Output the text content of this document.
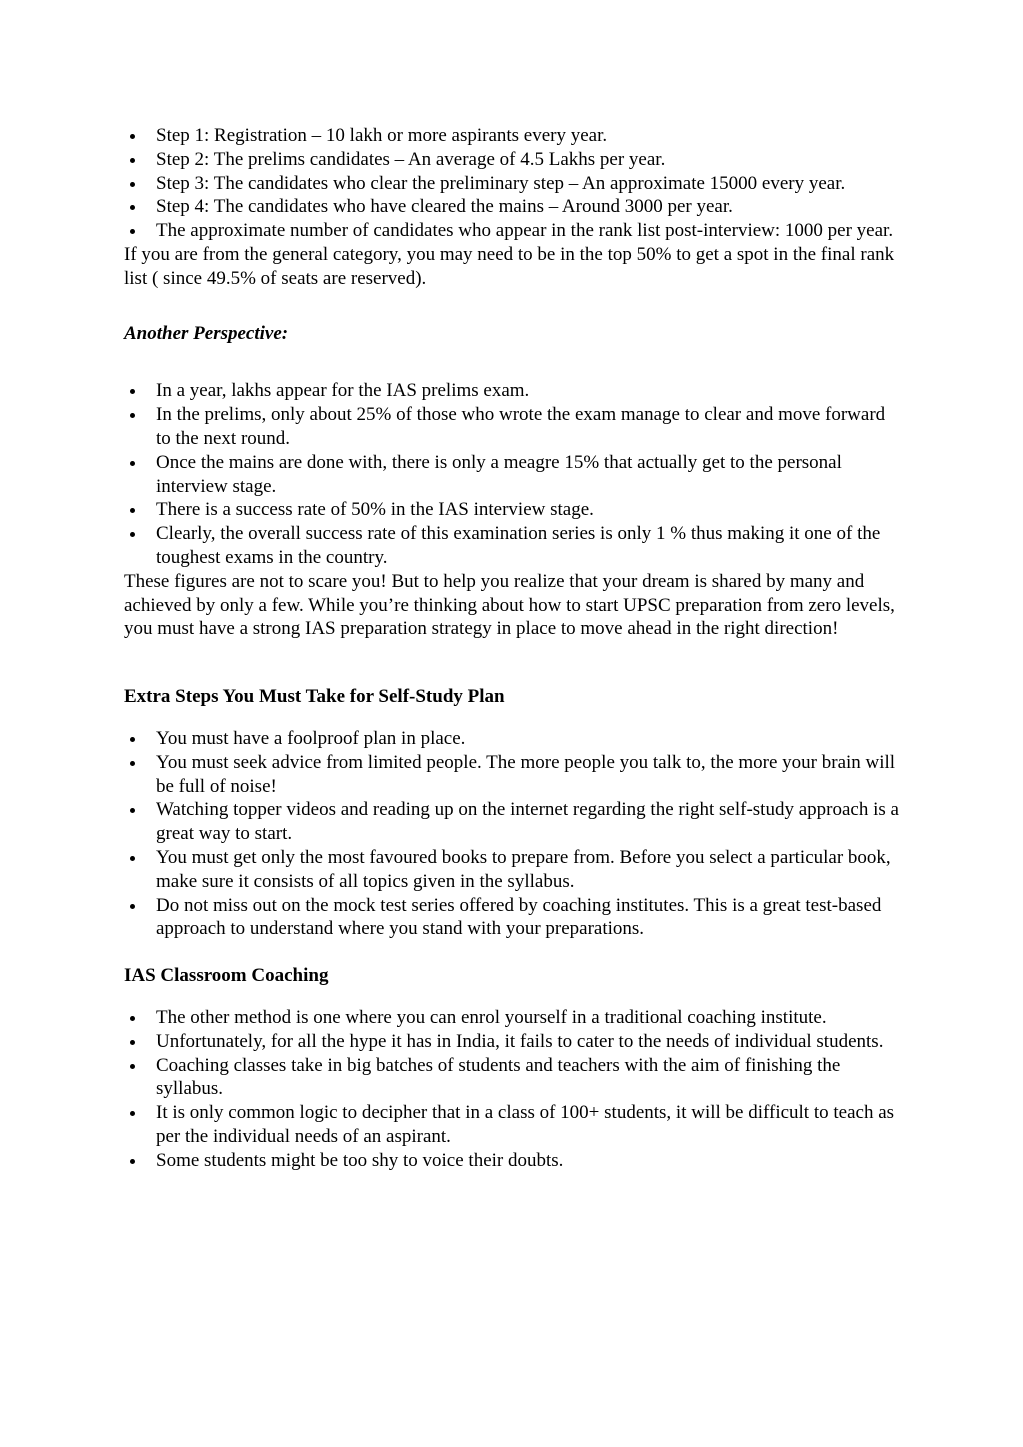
Step 1: Registration – 10 lakh or more aspirants every year.
Step 2: The prelims candidates – An average of 4.5 Lakhs per year.
Step 3: The candidates who clear the preliminary step – An approximate 15000 every year.
Step 4: The candidates who have cleared the mains – Around 3000 per year.
The approximate number of candidates who appear in the rank list post-interview: 1000 per year.

If you are from the general category, you may need to be in the top 50% to get a spot in the final rank list ( since 49.5% of seats are reserved).

Another Perspective:

In a year, lakhs appear for the IAS prelims exam.
In the prelims, only about 25% of those who wrote the exam manage to clear and move forward to the next round.
Once the mains are done with, there is only a meagre 15% that actually get to the personal interview stage.
There is a success rate of 50% in the IAS interview stage.
Clearly, the overall success rate of this examination series is only 1 % thus making it one of the toughest exams in the country.

These figures are not to scare you! But to help you realize that your dream is shared by many and achieved by only a few. While you’re thinking about how to start UPSC preparation from zero levels, you must have a strong IAS preparation strategy in place to move ahead in the right direction!

Extra Steps You Must Take for Self-Study Plan
You must have a foolproof plan in place.
You must seek advice from limited people. The more people you talk to, the more your brain will be full of noise!
Watching topper videos and reading up on the internet regarding the right self-study approach is a great way to start.
You must get only the most favoured books to prepare from. Before you select a particular book, make sure it consists of all topics given in the syllabus.
Do not miss out on the mock test series offered by coaching institutes. This is a great test-based approach to understand where you stand with your preparations.
IAS Classroom Coaching
The other method is one where you can enrol yourself in a traditional coaching institute.
Unfortunately, for all the hype it has in India, it fails to cater to the needs of individual students.
Coaching classes take in big batches of students and teachers with the aim of finishing the syllabus.
It is only common logic to decipher that in a class of 100+ students, it will be difficult to teach as per the individual needs of an aspirant.
Some students might be too shy to voice their doubts.
